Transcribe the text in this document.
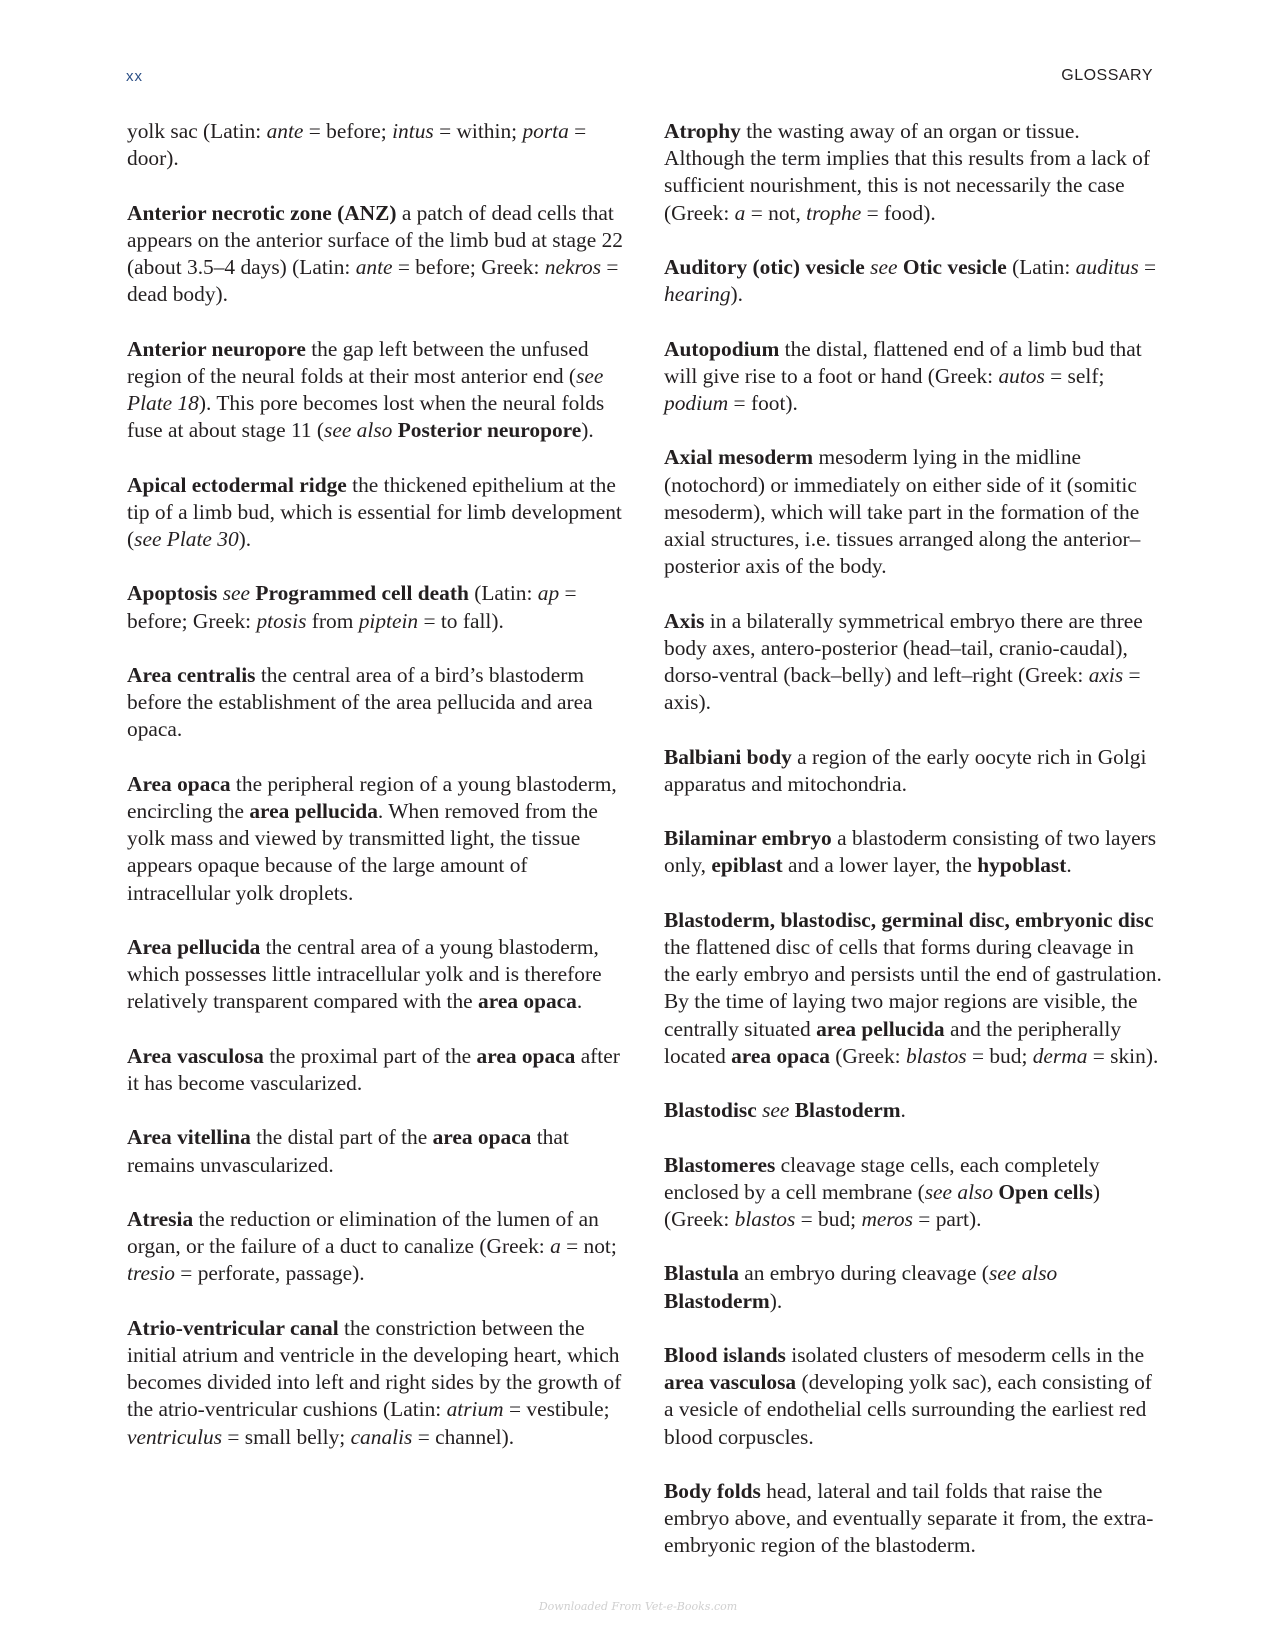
xx	GLOSSARY

yolk sac (Latin: ante = before; intus = within; porta = door).

Anterior necrotic zone (ANZ) a patch of dead cells that appears on the anterior surface of the limb bud at stage 22 (about 3.5–4 days) (Latin: ante = before; Greek: nekros = dead body).

Anterior neuropore the gap left between the unfused region of the neural folds at their most anterior end (see Plate 18). This pore becomes lost when the neural folds fuse at about stage 11 (see also Posterior neuropore).

Apical ectodermal ridge the thickened epithelium at the tip of a limb bud, which is essential for limb development (see Plate 30).

Apoptosis see Programmed cell death (Latin: ap = before; Greek: ptosis from piptein = to fall).

Area centralis the central area of a bird’s blastoderm before the establishment of the area pellucida and area opaca.

Area opaca the peripheral region of a young blastoderm, encircling the area pellucida. When removed from the yolk mass and viewed by transmitted light, the tissue appears opaque because of the large amount of intracellular yolk droplets.

Area pellucida the central area of a young blastoderm, which possesses little intracellular yolk and is therefore relatively transparent compared with the area opaca.

Area vasculosa the proximal part of the area opaca after it has become vascularized.

Area vitellina the distal part of the area opaca that remains unvascularized.

Atresia the reduction or elimination of the lumen of an organ, or the failure of a duct to canalize (Greek: a = not; tresio = perforate, passage).

Atrio-ventricular canal the constriction between the initial atrium and ventricle in the developing heart, which becomes divided into left and right sides by the growth of the atrio-ventricular cushions (Latin: atrium = vestibule; ventriculus = small belly; canalis = channel).

Atrophy the wasting away of an organ or tissue. Although the term implies that this results from a lack of sufficient nourishment, this is not necessarily the case (Greek: a = not, trophe = food).

Auditory (otic) vesicle see Otic vesicle (Latin: auditus = hearing).

Autopodium the distal, flattened end of a limb bud that will give rise to a foot or hand (Greek: autos = self; podium = foot).

Axial mesoderm mesoderm lying in the midline (notochord) or immediately on either side of it (somitic mesoderm), which will take part in the formation of the axial structures, i.e. tissues arranged along the anterior–posterior axis of the body.

Axis in a bilaterally symmetrical embryo there are three body axes, antero-posterior (head–tail, cranio-caudal), dorso-ventral (back–belly) and left–right (Greek: axis = axis).

Balbiani body a region of the early oocyte rich in Golgi apparatus and mitochondria.

Bilaminar embryo a blastoderm consisting of two layers only, epiblast and a lower layer, the hypoblast.

Blastoderm, blastodisc, germinal disc, embryonic disc the flattened disc of cells that forms during cleavage in the early embryo and persists until the end of gastrulation. By the time of laying two major regions are visible, the centrally situated area pellucida and the peripherally located area opaca (Greek: blastos = bud; derma = skin).

Blastodisc see Blastoderm.

Blastomeres cleavage stage cells, each completely enclosed by a cell membrane (see also Open cells) (Greek: blastos = bud; meros = part).

Blastula an embryo during cleavage (see also Blastoderm).

Blood islands isolated clusters of mesoderm cells in the area vasculosa (developing yolk sac), each consisting of a vesicle of endothelial cells surrounding the earliest red blood corpuscles.

Body folds head, lateral and tail folds that raise the embryo above, and eventually separate it from, the extra-embryonic region of the blastoderm.

Downloaded From Vet-e-Books.com
